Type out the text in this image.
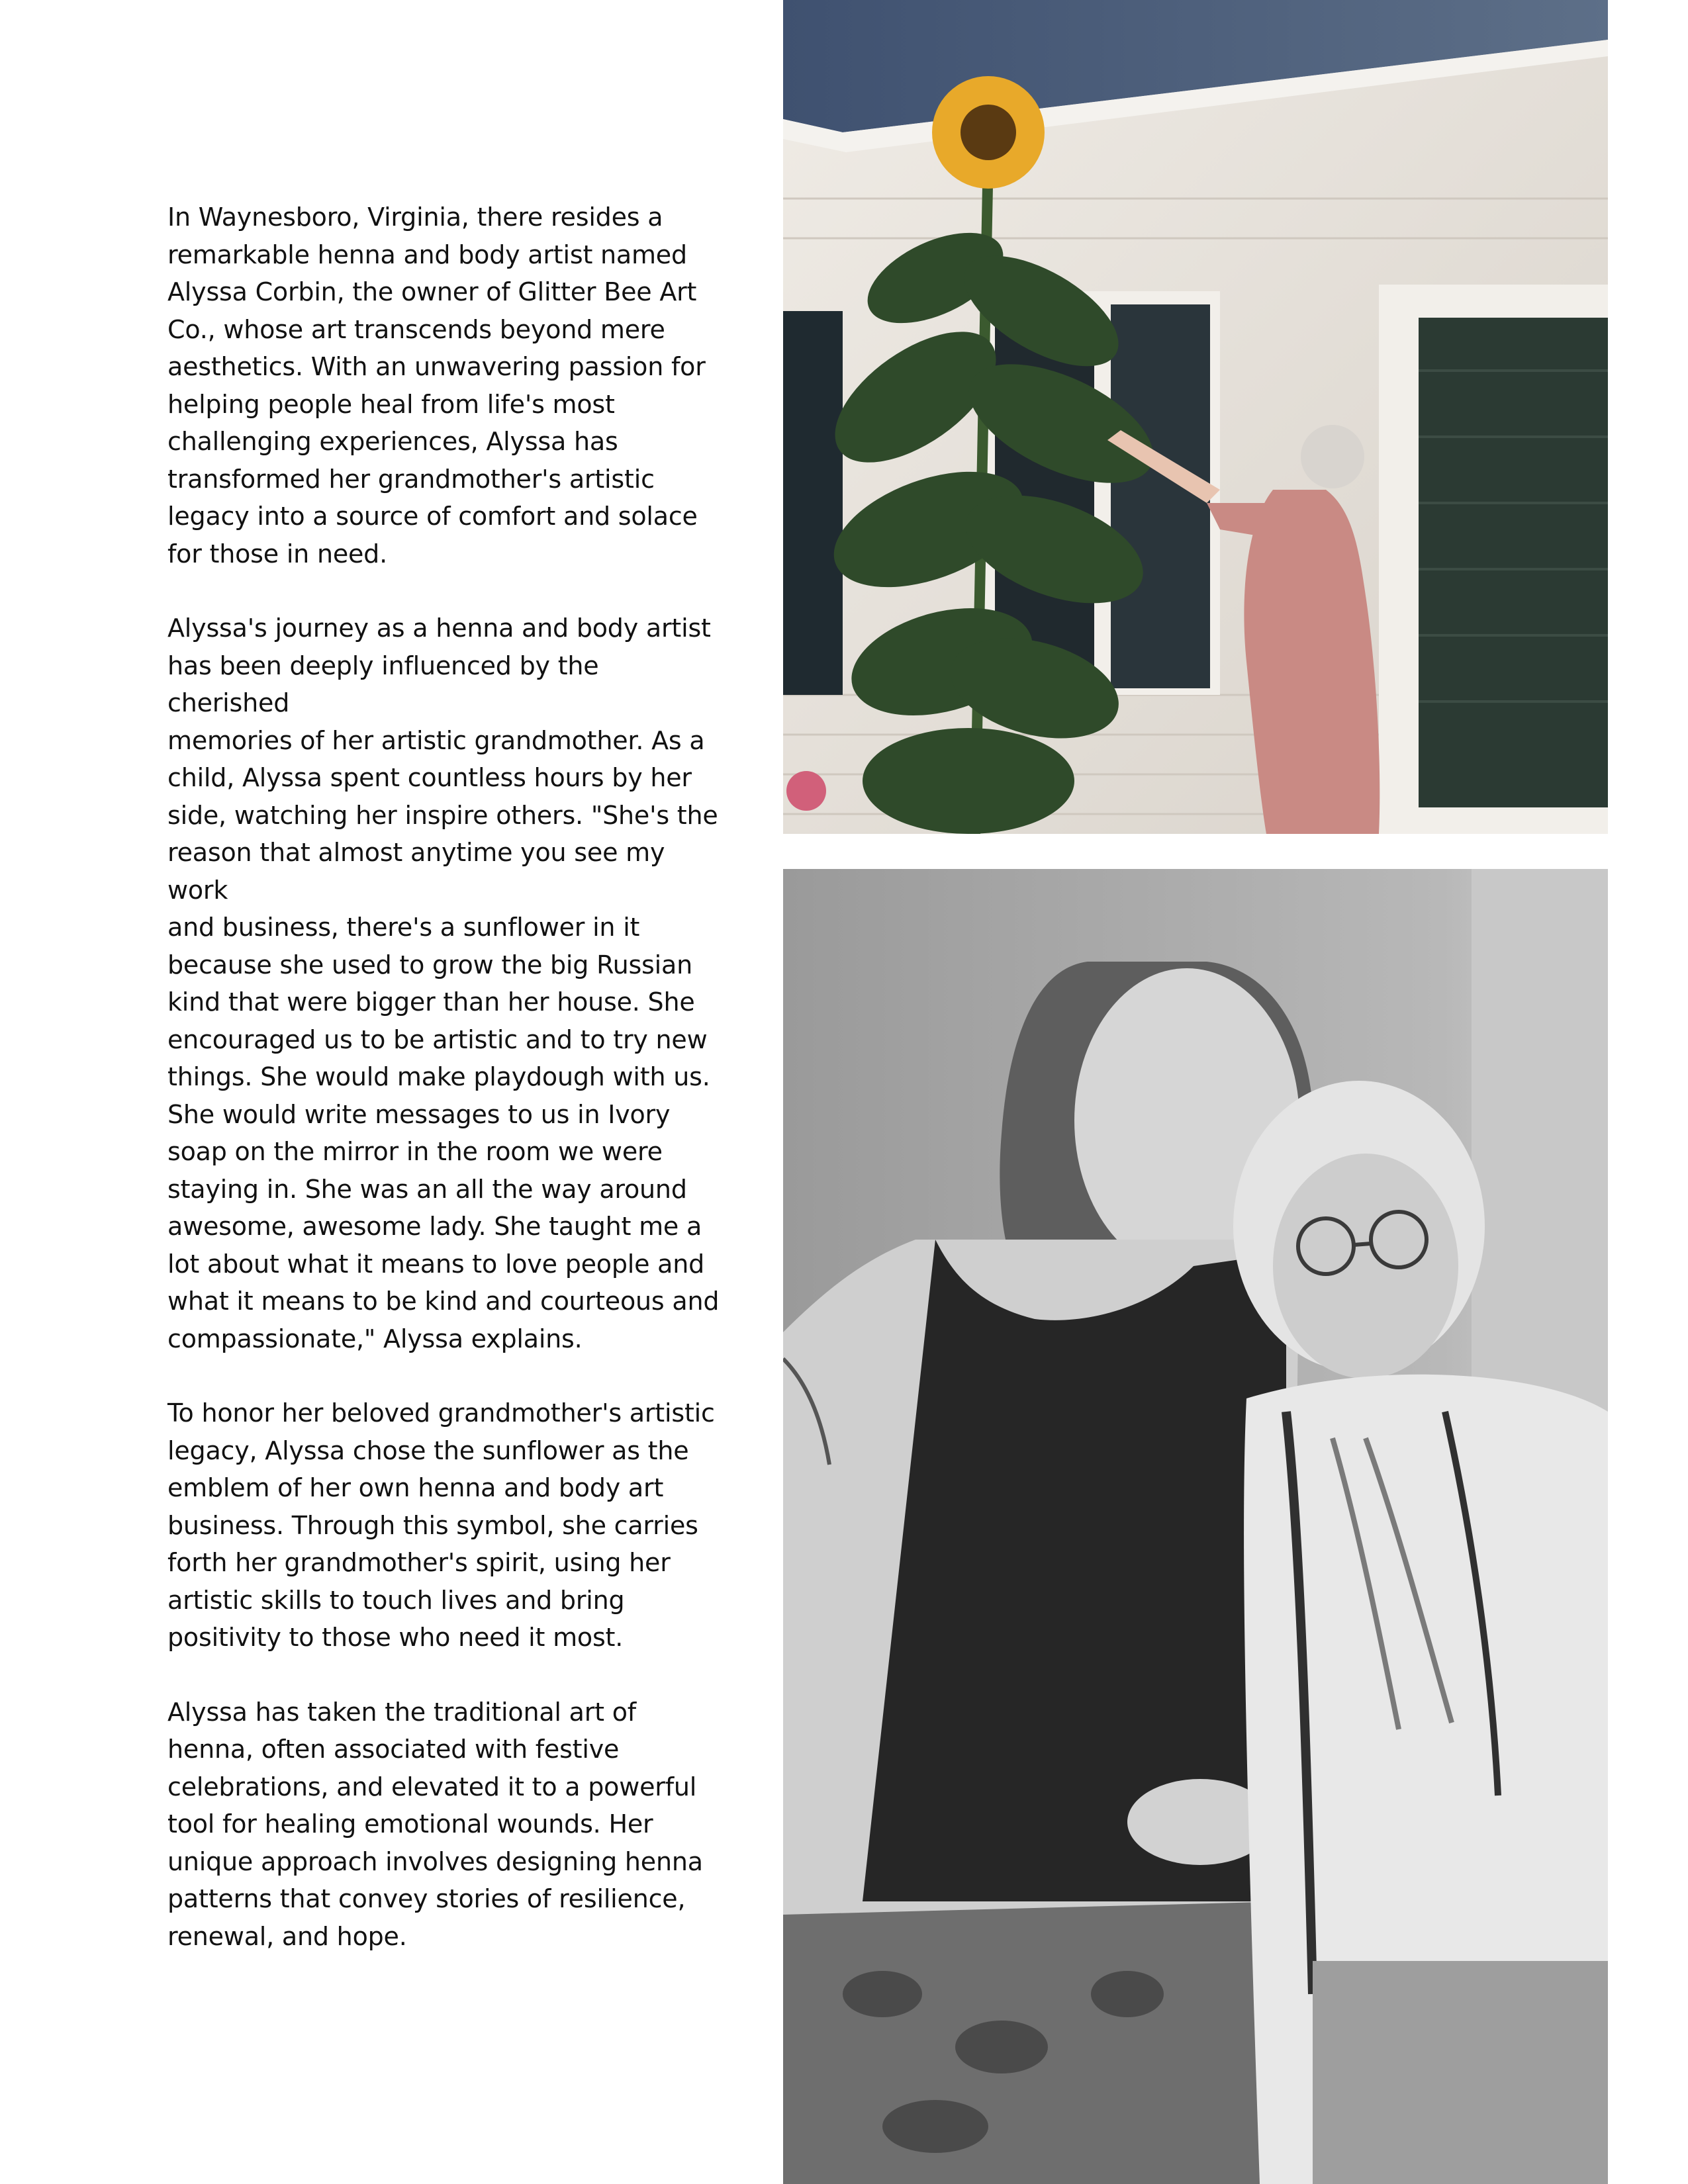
In Waynesboro, Virginia, there resides a
remarkable henna and body artist named
Alyssa Corbin, the owner of Glitter Bee Art
Co., whose art transcends beyond mere
aesthetics. With an unwavering passion for
helping people heal from life's most
challenging experiences, Alyssa has
transformed her grandmother's artistic
legacy into a source of comfort and solace
for those in need.

Alyssa's journey as a henna and body artist
has been deeply influenced by the cherished
memories of her artistic grandmother. As a
child, Alyssa spent countless hours by her
side, watching her inspire others. "She's the
reason that almost anytime you see my work
and business, there's a sunflower in it
because she used to grow the big Russian
kind that were bigger than her house. She
encouraged us to be artistic and to try new
things. She would make playdough with us.
She would write messages to us in Ivory
soap on the mirror in the room we were
staying in. She was an all the way around
awesome, awesome lady. She taught me a
lot about what it means to love people and
what it means to be kind and courteous and
compassionate," Alyssa explains.

To honor her beloved grandmother's artistic
legacy, Alyssa chose the sunflower as the
emblem of her own henna and body art
business. Through this symbol, she carries
forth her grandmother's spirit, using her
artistic skills to touch lives and bring
positivity to those who need it most.

Alyssa has taken the traditional art of
henna, often associated with festive
celebrations, and elevated it to a powerful
tool for healing emotional wounds. Her
unique approach involves designing henna
patterns that convey stories of resilience,
renewal, and hope.
